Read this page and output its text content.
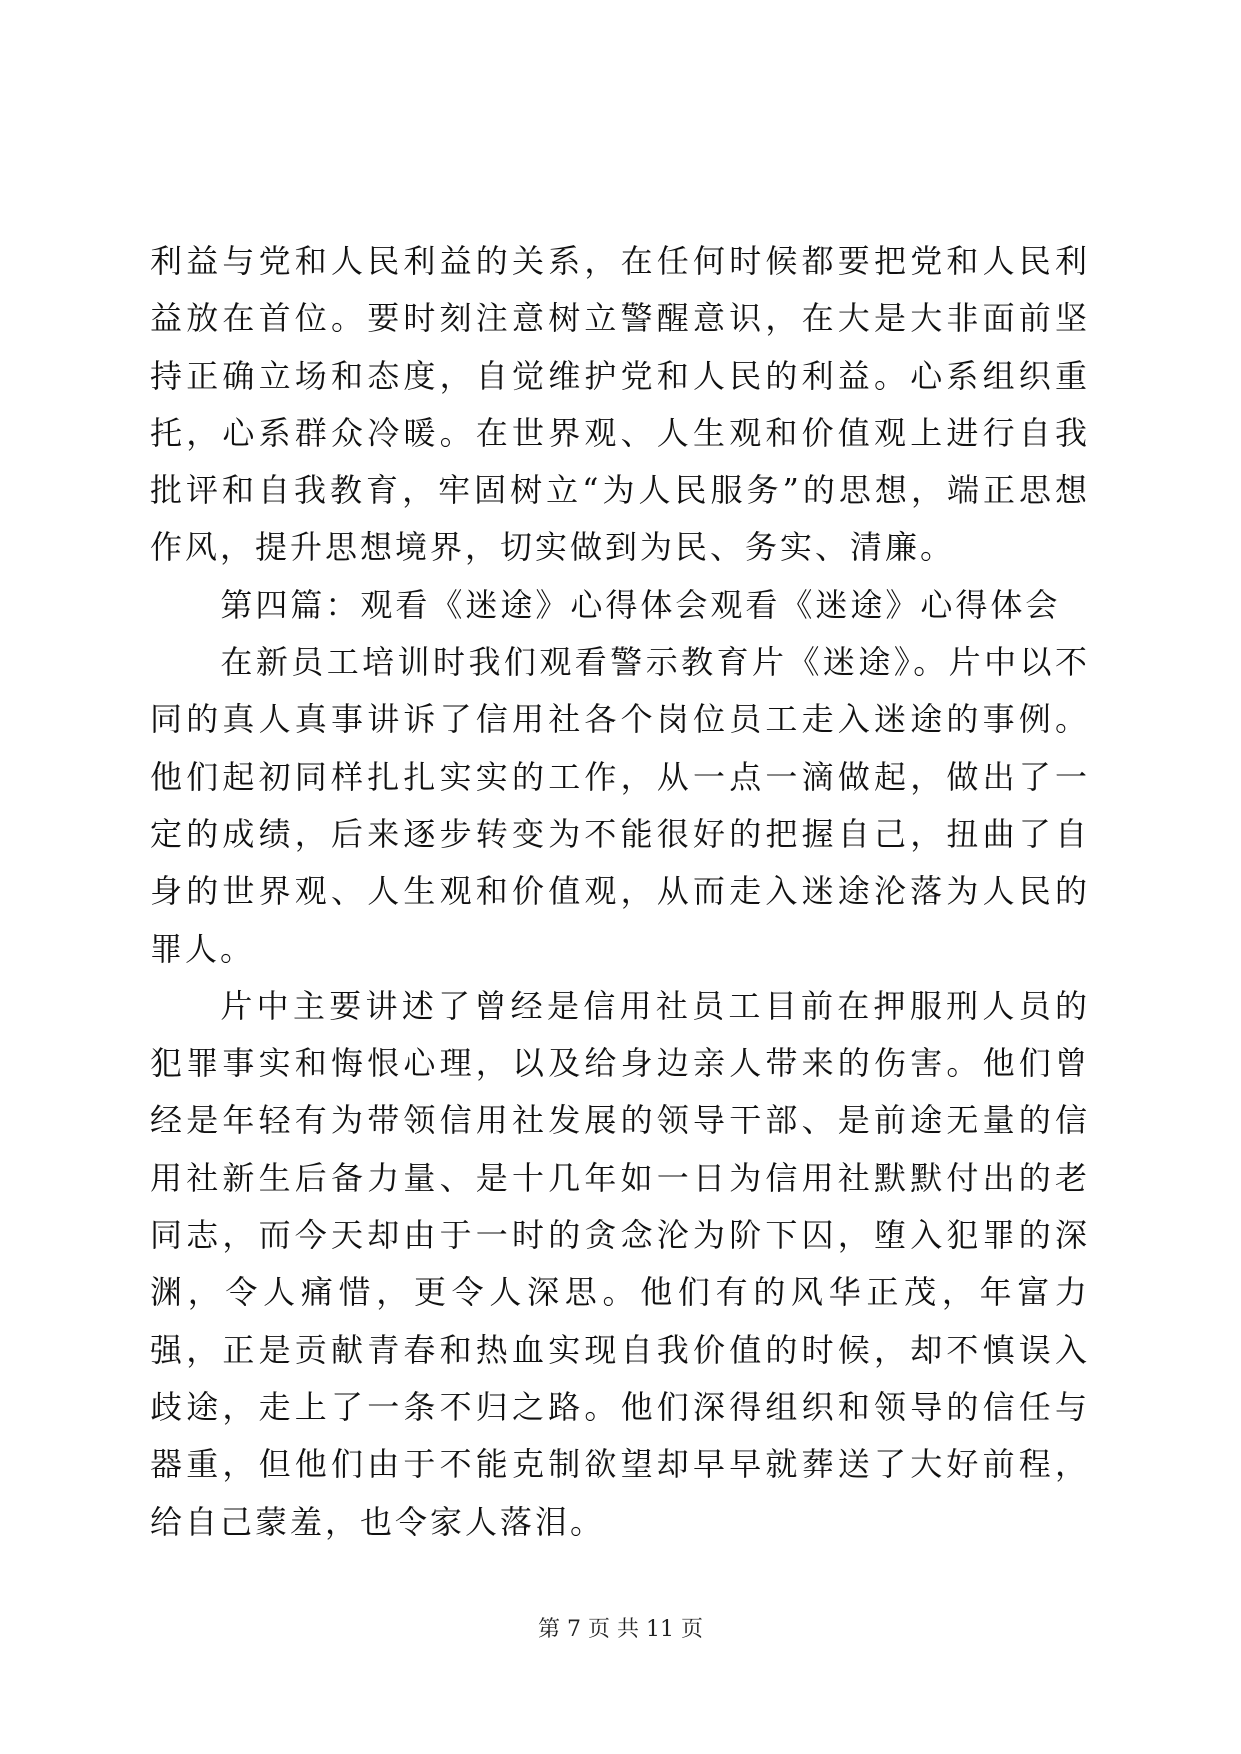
利益与党和人民利益的关系，在任何时候都要把党和人民利益放在首位。要时刻注意树立警醒意识，在大是大非面前坚持正确立场和态度，自觉维护党和人民的利益。心系组织重托，心系群众冷暖。在世界观、人生观和价值观上进行自我批评和自我教育，牢固树立“为人民服务”的思想，端正思想作风，提升思想境界，切实做到为民、务实、清廉。

第四篇：观看《迷途》心得体会观看《迷途》心得体会

在新员工培训时我们观看警示教育片《迷途》。片中以不同的真人真事讲诉了信用社各个岗位员工走入迷途的事例。他们起初同样扎扎实实的工作，从一点一滴做起，做出了一定的成绩，后来逐步转变为不能很好的把握自己，扭曲了自身的世界观、人生观和价值观，从而走入迷途沦落为人民的罪人。

片中主要讲述了曾经是信用社员工目前在押服刑人员的犯罪事实和悔恨心理，以及给身边亲人带来的伤害。他们曾经是年轻有为带领信用社发展的领导干部、是前途无量的信用社新生后备力量、是十几年如一日为信用社默默付出的老同志，而今天却由于一时的贪念沦为阶下囚，堕入犯罪的深渊，令人痛惜，更令人深思。他们有的风华正茂，年富力强，正是贡献青春和热血实现自我价值的时候，却不慎误入歧途，走上了一条不归之路。他们深得组织和领导的信任与器重，但他们由于不能克制欲望却早早就葬送了大好前程，给自己蒙羞，也令家人落泪。

第 7 页 共 11 页
